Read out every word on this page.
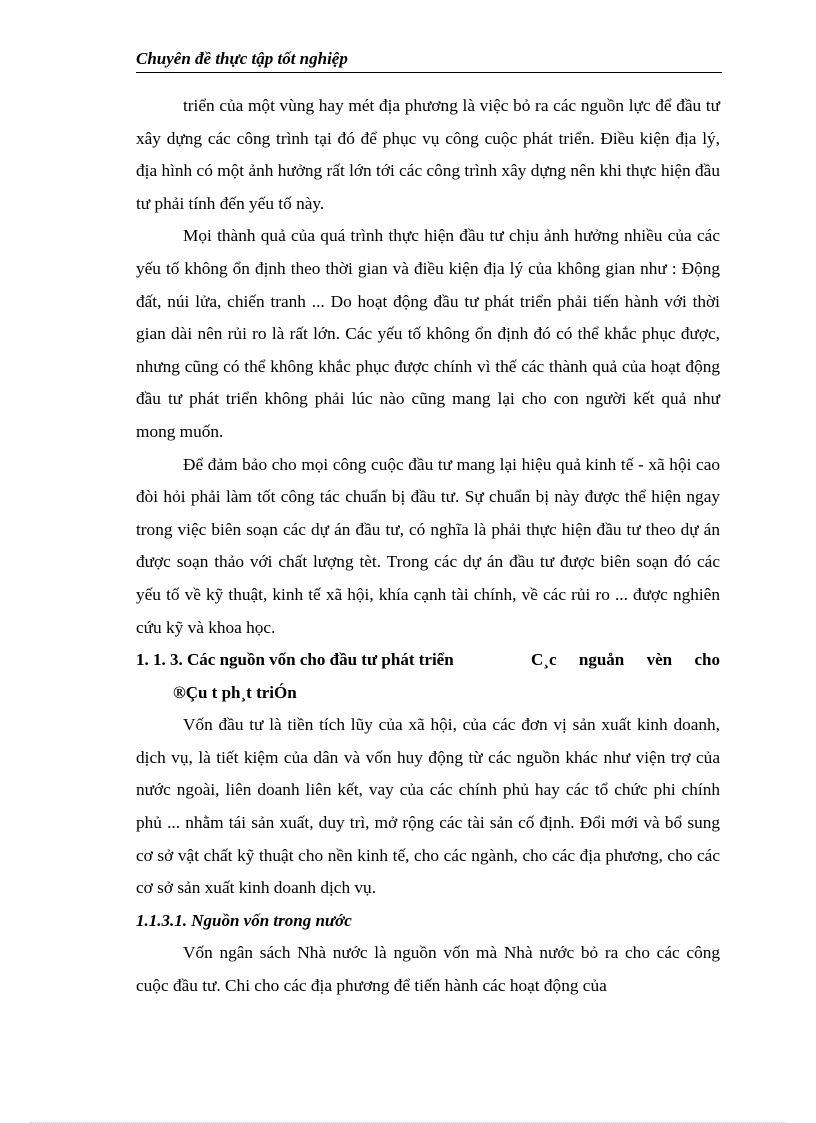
Chuyên đề thực tập tốt nghiệp

triển của một vùng hay mét địa phương là việc bỏ ra các nguồn lực để đầu tư xây dựng các công trình tại đó để phục vụ công cuộc phát triển. Điều kiện địa lý, địa hình có một ảnh hưởng rất lớn tới các công trình xây dựng nên khi thực hiện đầu tư phải tính đến yếu tố này.

Mọi thành quả của quá trình thực hiện đầu tư chịu ảnh hưởng nhiều của các yếu tố không ổn định theo thời gian và điều kiện địa lý của không gian như : Động đất, núi lửa, chiến tranh ... Do hoạt động đầu tư phát triển phải tiến hành với thời gian dài nên rủi ro là rất lớn. Các yếu tố không ổn định đó có thể khắc phục được, nhưng cũng có thể không khắc phục được chính vì thế các thành quả của hoạt động đầu tư phát triển không phải lúc nào cũng mang lại cho con người kết quả như mong muốn.

Để đảm bảo cho mọi công cuộc đầu tư mang lại hiệu quả kinh tế - xã hội cao đòi hỏi phải làm tốt công tác chuẩn bị đầu tư. Sự chuẩn bị này được thể hiện ngay trong việc biên soạn các dự án đầu tư, có nghĩa là phải thực hiện đầu tư theo dự án được soạn thảo với chất lượng tèt. Trong các dự án đầu tư được biên soạn đó các yếu tố về kỹ thuật, kinh tế xã hội, khía cạnh tài chính, về các rủi ro ... được nghiên cứu kỹ và khoa học.

1. 1. 3. Các nguồn vốn cho đầu tư phát triển	C¸c nguån vèn cho
®Çu t ph¸t triÓn

Vốn đầu tư là tiền tích lũy của xã hội, của các đơn vị sản xuất kinh doanh, dịch vụ, là tiết kiệm của dân và vốn huy động từ các nguồn khác như viện trợ của nước ngoài, liên doanh liên kết, vay của các chính phủ hay các tổ chức phi chính phủ ... nhằm tái sản xuất, duy trì, mở rộng các tài sản cố định. Đổi mới và bổ sung cơ sở vật chất kỹ thuật cho nền kinh tế, cho các ngành, cho các địa phương, cho các cơ sở sản xuất kinh doanh dịch vụ.

1.1.3.1. Nguồn vốn trong nước

Vốn ngân sách Nhà nước là nguồn vốn mà Nhà nước bỏ ra cho các công cuộc đầu tư. Chi cho các địa phương để tiến hành các hoạt động của
